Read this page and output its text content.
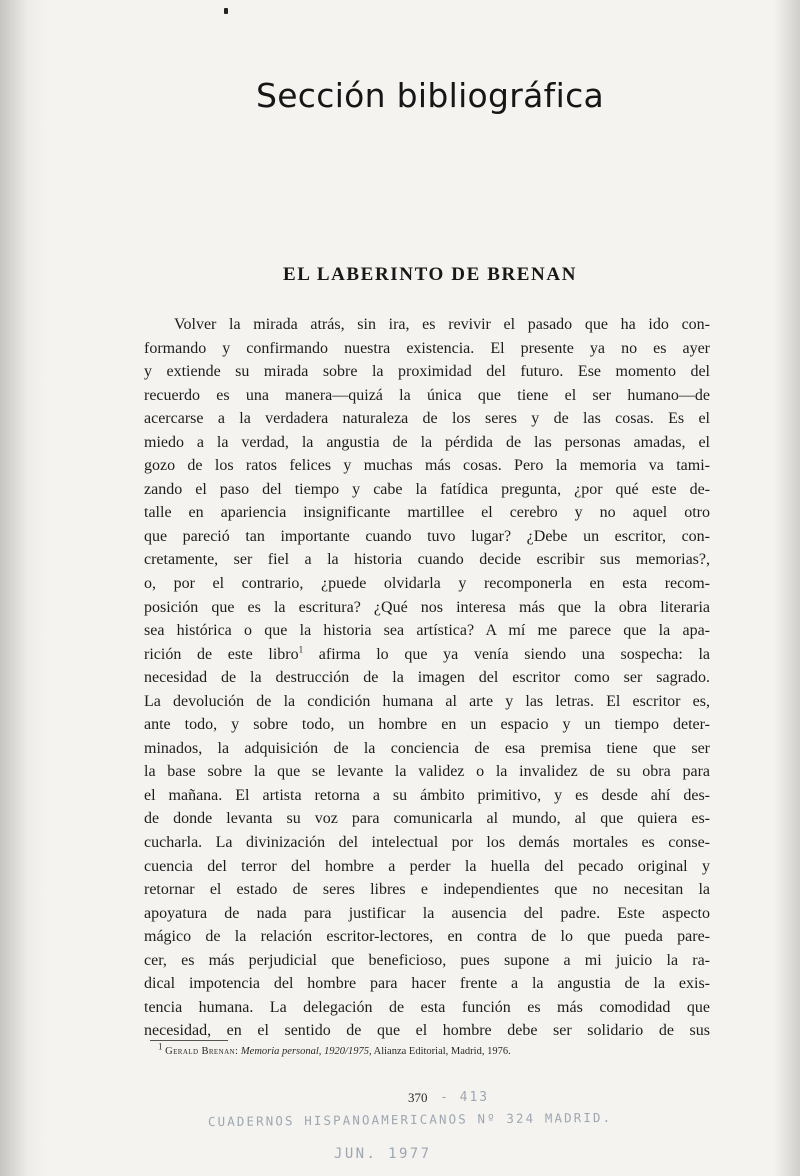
Sección bibliográfica
EL LABERINTO DE BRENAN
Volver la mirada atrás, sin ira, es revivir el pasado que ha ido con-
formando y confirmando nuestra existencia. El presente ya no es ayer
y extiende su mirada sobre la proximidad del futuro. Ese momento del
recuerdo es una manera—quizá la única que tiene el ser humano—de
acercarse a la verdadera naturaleza de los seres y de las cosas. Es el
miedo a la verdad, la angustia de la pérdida de las personas amadas, el
gozo de los ratos felices y muchas más cosas. Pero la memoria va tami-
zando el paso del tiempo y cabe la fatídica pregunta, ¿por qué este de-
talle en apariencia insignificante martillee el cerebro y no aquel otro
que pareció tan importante cuando tuvo lugar? ¿Debe un escritor, con-
cretamente, ser fiel a la historia cuando decide escribir sus memorias?,
o, por el contrario, ¿puede olvidarla y recomponerla en esta recom-
posición que es la escritura? ¿Qué nos interesa más que la obra literaria
sea histórica o que la historia sea artística? A mí me parece que la apa-
rición de este libro$^1$ afirma lo que ya venía siendo una sospecha: la
necesidad de la destrucción de la imagen del escritor como ser sagrado.
La devolución de la condición humana al arte y las letras. El escritor es,
ante todo, y sobre todo, un hombre en un espacio y un tiempo deter-
minados, la adquisición de la conciencia de esa premisa tiene que ser
la base sobre la que se levante la validez o la invalidez de su obra para
el mañana. El artista retorna a su ámbito primitivo, y es desde ahí des-
de donde levanta su voz para comunicarla al mundo, al que quiera es-
cucharla. La divinización del intelectual por los demás mortales es conse-
cuencia del terror del hombre a perder la huella del pecado original y
retornar el estado de seres libres e independientes que no necesitan la
apoyatura de nada para justificar la ausencia del padre. Este aspecto
mágico de la relación escritor-lectores, en contra de lo que pueda pare-
cer, es más perjudicial que beneficioso, pues supone a mi juicio la ra-
dical impotencia del hombre para hacer frente a la angustia de la exis-
tencia humana. La delegación de esta función es más comodidad que
necesidad, en el sentido de que el hombre debe ser solidario de sus
$^1$ Gerald Brenan: Memoria personal, 1920/1975, Alianza Editorial, Madrid, 1976.
370 - 413
CUADERNOS HISPANOAMERICANOS Nº 324 MADRID.
JUN. 1977
